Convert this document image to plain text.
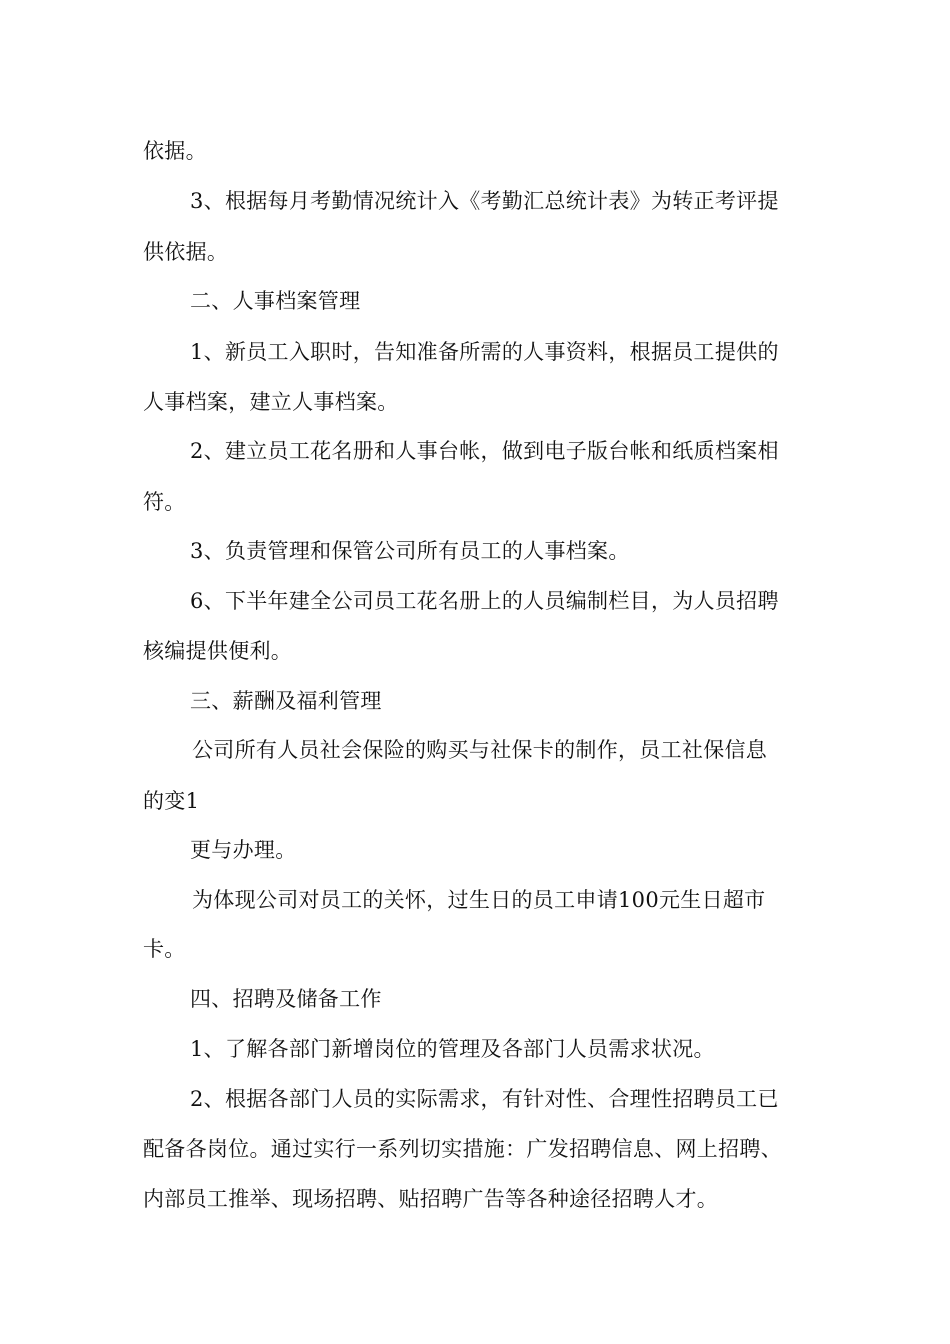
依据。
3、根据每月考勤情况统计入《考勤汇总统计表》为转正考评提
供依据。
二、人事档案管理
1、新员工入职时，告知准备所需的人事资料，根据员工提供的
人事档案，建立人事档案。
2、建立员工花名册和人事台帐，做到电子版台帐和纸质档案相
符。
3、负责管理和保管公司所有员工的人事档案。
6、下半年建全公司员工花名册上的人员编制栏目，为人员招聘
核编提供便利。
三、薪酬及福利管理
公司所有人员社会保险的购买与社保卡的制作，员工社保信息
的变1
更与办理。
为体现公司对员工的关怀，过生日的员工申请100元生日超市
卡。
四、招聘及储备工作
1、了解各部门新增岗位的管理及各部门人员需求状况。
2、根据各部门人员的实际需求，有针对性、合理性招聘员工已
配备各岗位。通过实行一系列切实措施：广发招聘信息、网上招聘、
内部员工推举、现场招聘、贴招聘广告等各种途径招聘人才。
